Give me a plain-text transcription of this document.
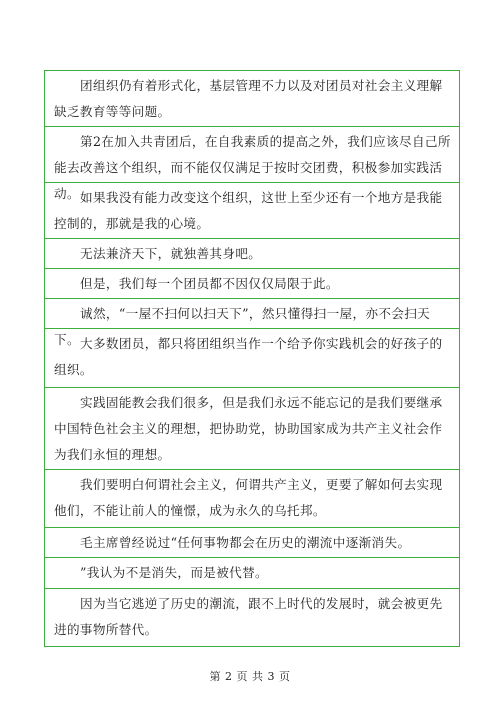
团组织仍有着形式化，基层管理不力以及对团员对社会主义理解缺乏教育等等问题。
第2在加入共青团后，在自我素质的提高之外，我们应该尽自己所能去改善这个组织，而不能仅仅满足于按时交团费，积极参加实践活动。 如果我没有能力改变这个组织，这世上至少还有一个地方是我能控制的，那就是我的心境。
无法兼济天下，就独善其身吧。
但是，我们每一个团员都不因仅仅局限于此。
诚然，“一屋不扫何以扫天下”，然只懂得扫一屋，亦不会扫天下。 大多数团员，都只将团组织当作一个给予你实践机会的好孩子的组织。
实践固能教会我们很多，但是我们永远不能忘记的是我们要继承中国特色社会主义的理想，把协助党，协助国家成为共产主义社会作为我们永恒的理想。
我们要明白何谓社会主义，何谓共产主义，更要了解如何去实现他们，不能让前人的憧憬，成为永久的乌托邦。
毛主席曾经说过“任何事物都会在历史的潮流中逐渐消失。
”我认为不是消失，而是被代替。
因为当它逃逆了历史的潮流，跟不上时代的发展时，就会被更先进的事物所替代。
第 2 页 共 3 页
